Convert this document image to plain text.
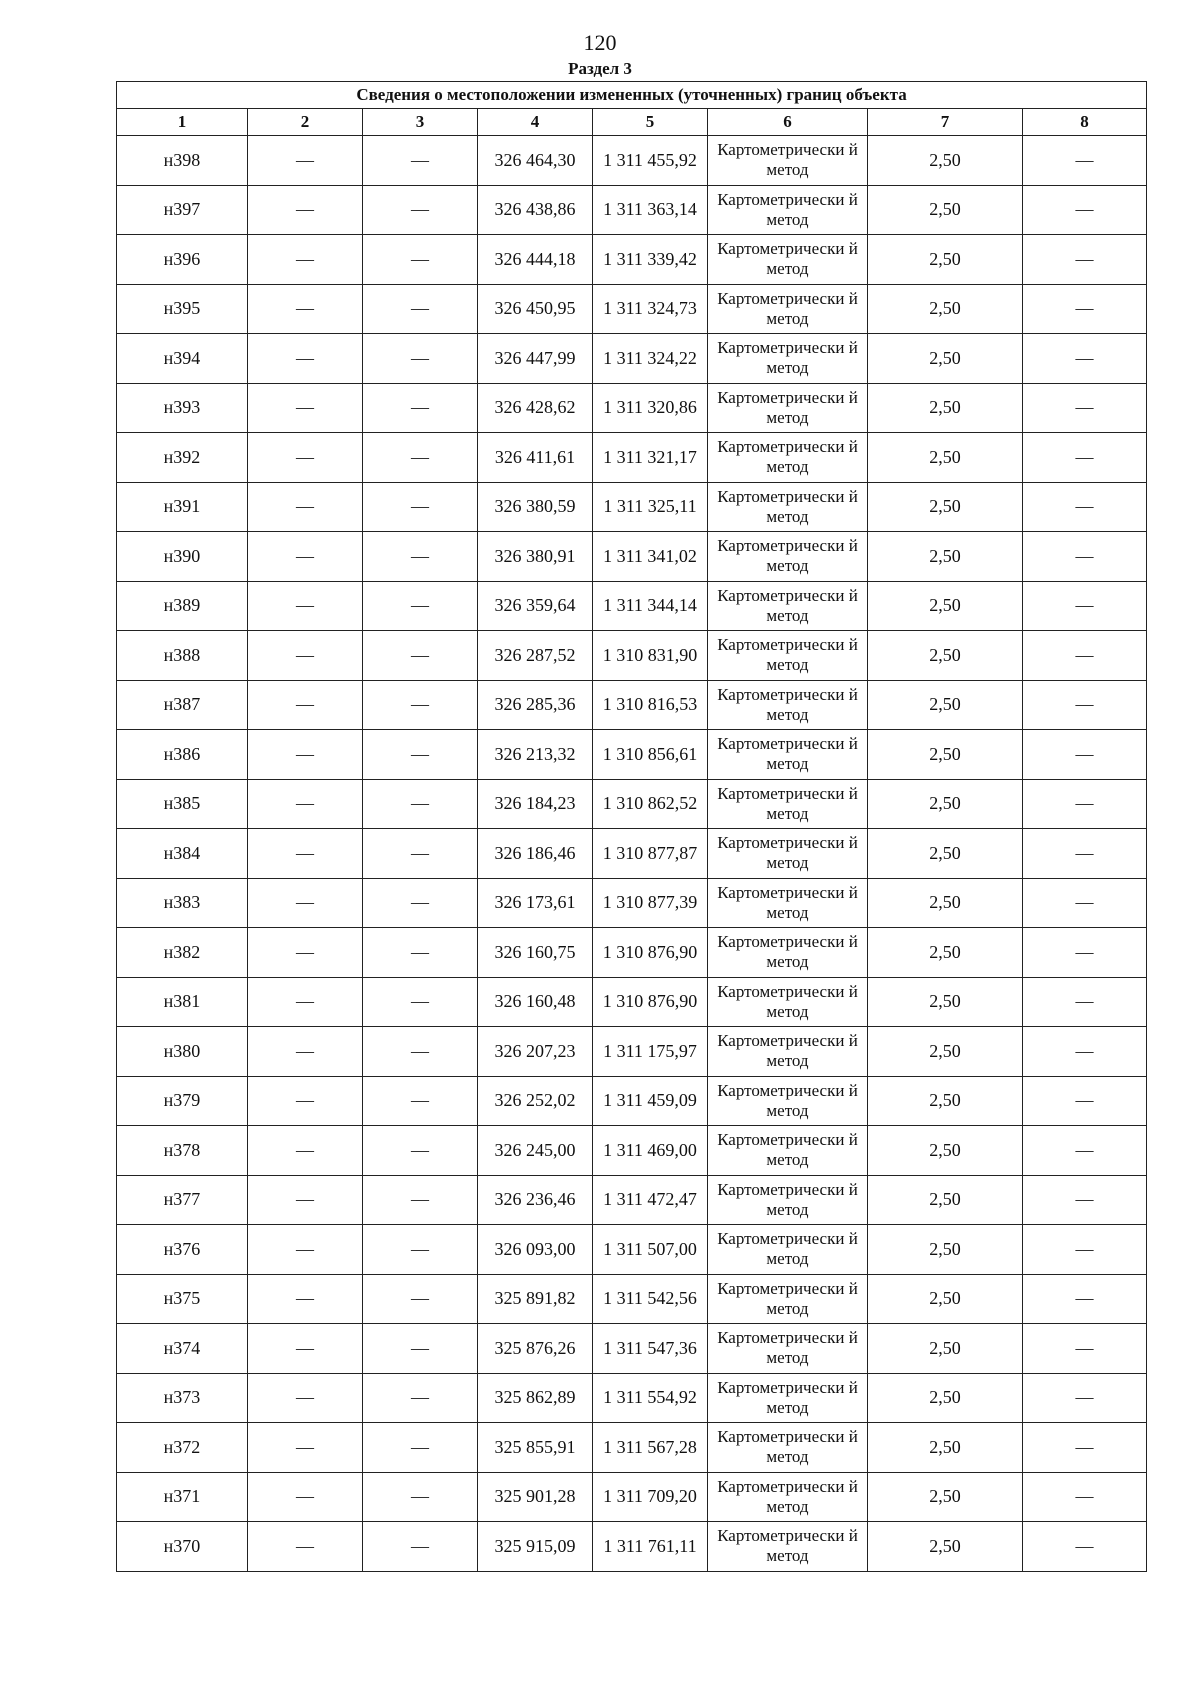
120
Раздел 3
Сведения о местоположении измененных (уточненных) границ объекта							
1	2	3	4	5	6	7	8
н398	—	—	326 464,30	1 311 455,92	Картометрически й метод	2,50	—
н397	—	—	326 438,86	1 311 363,14	Картометрически й метод	2,50	—
н396	—	—	326 444,18	1 311 339,42	Картометрически й метод	2,50	—
н395	—	—	326 450,95	1 311 324,73	Картометрически й метод	2,50	—
н394	—	—	326 447,99	1 311 324,22	Картометрически й метод	2,50	—
н393	—	—	326 428,62	1 311 320,86	Картометрически й метод	2,50	—
н392	—	—	326 411,61	1 311 321,17	Картометрически й метод	2,50	—
н391	—	—	326 380,59	1 311 325,11	Картометрически й метод	2,50	—
н390	—	—	326 380,91	1 311 341,02	Картометрически й метод	2,50	—
н389	—	—	326 359,64	1 311 344,14	Картометрически й метод	2,50	—
н388	—	—	326 287,52	1 310 831,90	Картометрически й метод	2,50	—
н387	—	—	326 285,36	1 310 816,53	Картометрически й метод	2,50	—
н386	—	—	326 213,32	1 310 856,61	Картометрически й метод	2,50	—
н385	—	—	326 184,23	1 310 862,52	Картометрически й метод	2,50	—
н384	—	—	326 186,46	1 310 877,87	Картометрически й метод	2,50	—
н383	—	—	326 173,61	1 310 877,39	Картометрически й метод	2,50	—
н382	—	—	326 160,75	1 310 876,90	Картометрически й метод	2,50	—
н381	—	—	326 160,48	1 310 876,90	Картометрически й метод	2,50	—
н380	—	—	326 207,23	1 311 175,97	Картометрически й метод	2,50	—
н379	—	—	326 252,02	1 311 459,09	Картометрически й метод	2,50	—
н378	—	—	326 245,00	1 311 469,00	Картометрически й метод	2,50	—
н377	—	—	326 236,46	1 311 472,47	Картометрически й метод	2,50	—
н376	—	—	326 093,00	1 311 507,00	Картометрически й метод	2,50	—
н375	—	—	325 891,82	1 311 542,56	Картометрически й метод	2,50	—
н374	—	—	325 876,26	1 311 547,36	Картометрически й метод	2,50	—
н373	—	—	325 862,89	1 311 554,92	Картометрически й метод	2,50	—
н372	—	—	325 855,91	1 311 567,28	Картометрически й метод	2,50	—
н371	—	—	325 901,28	1 311 709,20	Картометрически й метод	2,50	—
н370	—	—	325 915,09	1 311 761,11	Картометрически й метод	2,50	—
